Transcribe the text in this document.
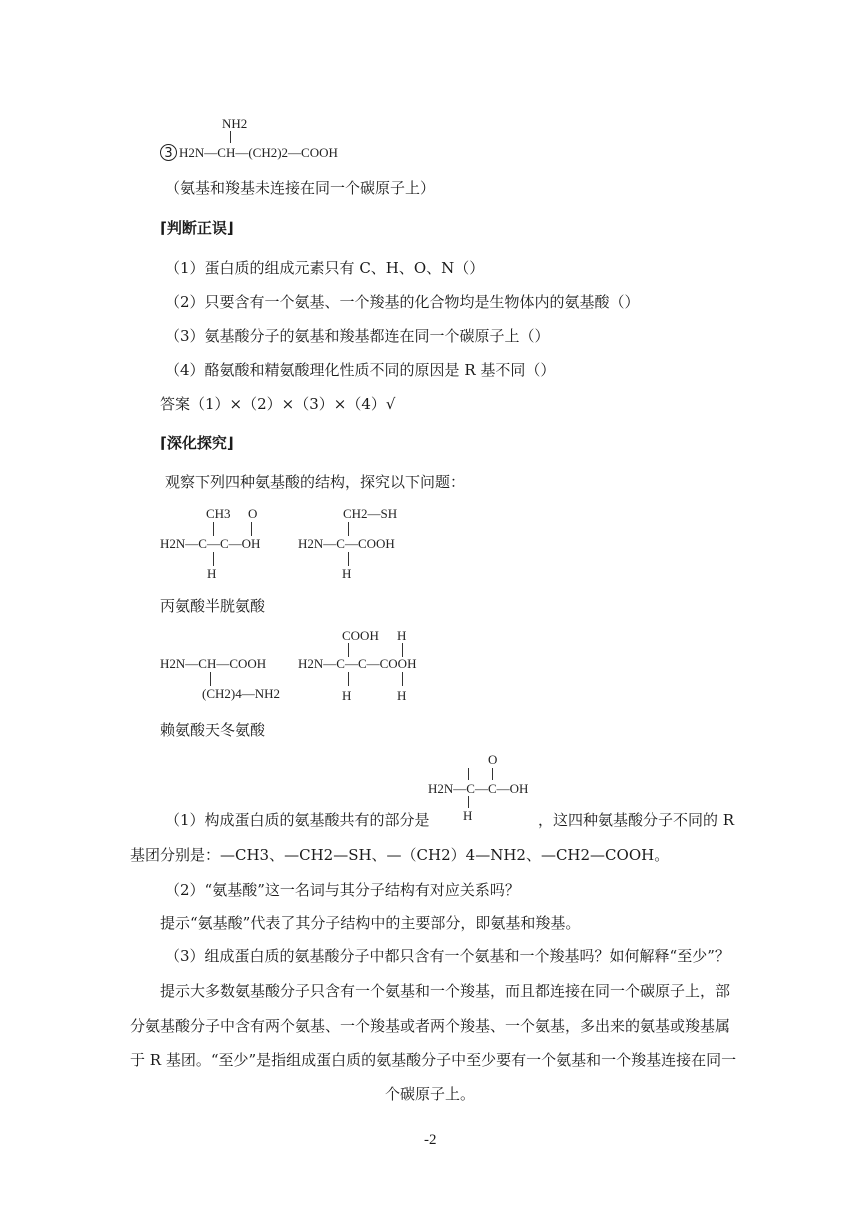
NH2
3 H2N—CH—(CH2)2—COOH
（氨基和羧基未连接在同一个碳原子上）
⌈判断正误⌋
（1）蛋白质的组成元素只有 C、H、O、N（）
（2）只要含有一个氨基、一个羧基的化合物均是生物体内的氨基酸（）
（3）氨基酸分子的氨基和羧基都连在同一个碳原子上（）
（4）酪氨酸和精氨酸理化性质不同的原因是 R 基不同（）
答案（1）×（2）×（3）×（4）√
⌈深化探究⌋
观察下列四种氨基酸的结构，探究以下问题：
CH3 O
H2N—C—C—OH
H
CH2—SH
H2N—C—COOH
H
丙氨酸半胱氨酸
H2N—CH—COOH
(CH2)4—NH2
COOH H
H2N—C—C—COOH
H	H
赖氨酸天冬氨酸
O
H2N—C—C—OH
H
（1）构成蛋白质的氨基酸共有的部分是	，这四种氨基酸分子不同的 R
基团分别是：—CH3、—CH2—SH、—（CH2）4—NH2、—CH2—COOH。
（2）“氨基酸”这一名词与其分子结构有对应关系吗？
提示“氨基酸”代表了其分子结构中的主要部分，即氨基和羧基。
（3）组成蛋白质的氨基酸分子中都只含有一个氨基和一个羧基吗？如何解释“至少”？
提示大多数氨基酸分子只含有一个氨基和一个羧基，而且都连接在同一个碳原子上，部
分氨基酸分子中含有两个氨基、一个羧基或者两个羧基、一个氨基，多出来的氨基或羧基属
于 R 基团。“至少”是指组成蛋白质的氨基酸分子中至少要有一个氨基和一个羧基连接在同一
个碳原子上。
-2
